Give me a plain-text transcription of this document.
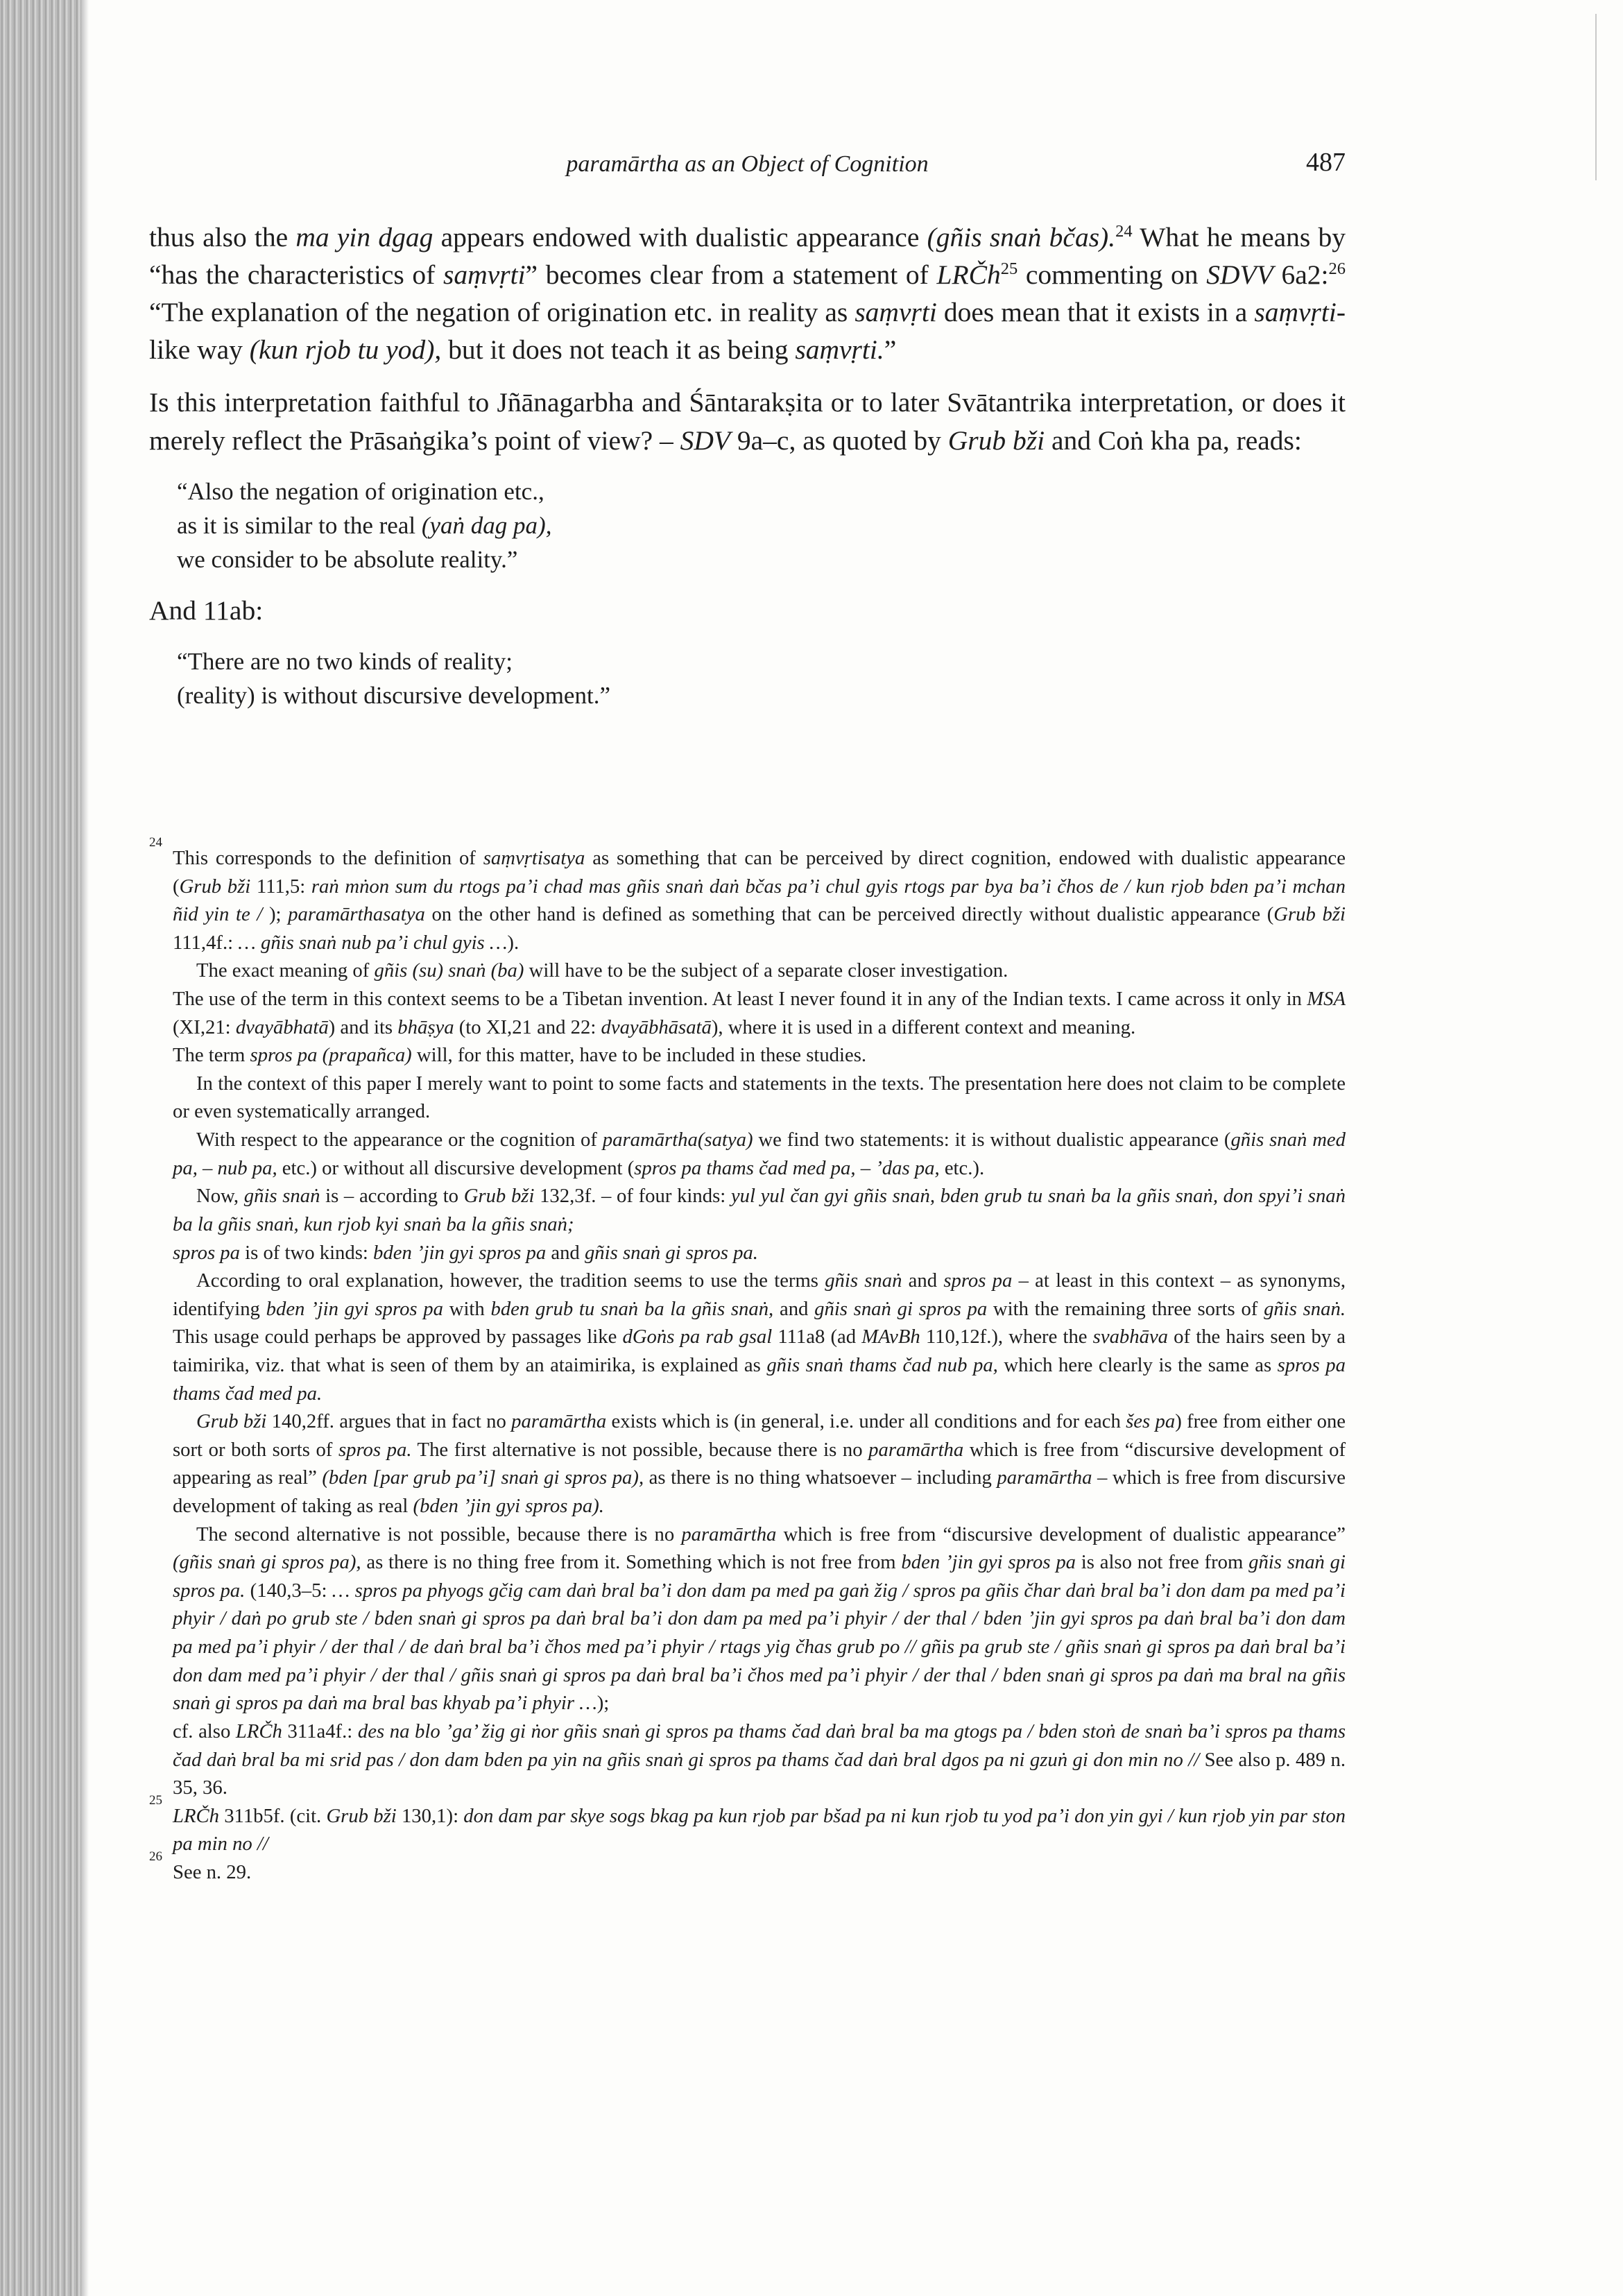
paramārtha as an Object of Cognition	487

thus also the ma yin dgag appears endowed with dualistic appearance (gñis snaṅ bčas).$^{24}$ What he means by “has the characteristics of saṃvṛti” becomes clear from a statement of LRČh$^{25}$ commenting on SDVV 6a2:$^{26}$ “The explanation of the negation of origination etc. in reality as saṃvṛti does mean that it exists in a saṃvṛti-like way (kun rjob tu yod), but it does not teach it as being saṃvṛti.”

Is this interpretation faithful to Jñānagarbha and Śāntarakṣita or to later Svātantrika interpretation, or does it merely reflect the Prāsaṅgika’s point of view? – SDV 9a–c, as quoted by Grub bži and Coṅ kha pa, reads:

“Also the negation of origination etc.,
as it is similar to the real (yaṅ dag pa),
we consider to be absolute reality.”

And 11ab:

“There are no two kinds of reality;
(reality) is without discursive development.”

24
This corresponds to the definition of saṃvṛtisatya as something that can be perceived by direct cognition, endowed with dualistic appearance (Grub bži 111,5: raṅ mṅon sum du rtogs pa’i chad mas gñis snaṅ daṅ bčas pa’i chul gyis rtogs par bya ba’i čhos de / kun rjob bden pa’i mchan ñid yin te / ); paramārthasatya on the other hand is defined as something that can be perceived directly without dualistic appearance (Grub bži 111,4f.: … gñis snaṅ nub pa’i chul gyis …).

The exact meaning of gñis (su) snaṅ (ba) will have to be the subject of a separate closer investigation.

The use of the term in this context seems to be a Tibetan invention. At least I never found it in any of the Indian texts. I came across it only in MSA (XI,21: dvayābhatā) and its bhāṣya (to XI,21 and 22: dvayābhāsatā), where it is used in a different context and meaning.

The term spros pa (prapañca) will, for this matter, have to be included in these studies.

In the context of this paper I merely want to point to some facts and statements in the texts. The presentation here does not claim to be complete or even systematically arranged.

With respect to the appearance or the cognition of paramārtha(satya) we find two statements: it is without dualistic appearance (gñis snaṅ med pa, – nub pa, etc.) or without all discursive development (spros pa thams čad med pa, – ’das pa, etc.).

Now, gñis snaṅ is – according to Grub bži 132,3f. – of four kinds: yul yul čan gyi gñis snaṅ, bden grub tu snaṅ ba la gñis snaṅ, don spyi’i snaṅ ba la gñis snaṅ, kun rjob kyi snaṅ ba la gñis snaṅ;

spros pa is of two kinds: bden ’jin gyi spros pa and gñis snaṅ gi spros pa.

According to oral explanation, however, the tradition seems to use the terms gñis snaṅ and spros pa – at least in this context – as synonyms, identifying bden ’jin gyi spros pa with bden grub tu snaṅ ba la gñis snaṅ, and gñis snaṅ gi spros pa with the remaining three sorts of gñis snaṅ. This usage could perhaps be approved by passages like dGoṅs pa rab gsal 111a8 (ad MAvBh 110,12f.), where the svabhāva of the hairs seen by a taimirika, viz. that what is seen of them by an ataimirika, is explained as gñis snaṅ thams čad nub pa, which here clearly is the same as spros pa thams čad med pa.

Grub bži 140,2ff. argues that in fact no paramārtha exists which is (in general, i.e. under all conditions and for each šes pa) free from either one sort or both sorts of spros pa. The first alternative is not possible, because there is no paramārtha which is free from “discursive development of appearing as real” (bden [par grub pa’i] snaṅ gi spros pa), as there is no thing whatsoever – including paramārtha – which is free from discursive development of taking as real (bden ’jin gyi spros pa).

The second alternative is not possible, because there is no paramārtha which is free from “discursive development of dualistic appearance” (gñis snaṅ gi spros pa), as there is no thing free from it. Something which is not free from bden ’jin gyi spros pa is also not free from gñis snaṅ gi spros pa. (140,3–5: … spros pa phyogs gčig cam daṅ bral ba’i don dam pa med pa gaṅ žig / spros pa gñis čhar daṅ bral ba’i don dam pa med pa’i phyir / daṅ po grub ste / bden snaṅ gi spros pa daṅ bral ba’i don dam pa med pa’i phyir / der thal / bden ’jin gyi spros pa daṅ bral ba’i don dam pa med pa’i phyir / der thal / de daṅ bral ba’i čhos med pa’i phyir / rtags yig čhas grub po // gñis pa grub ste / gñis snaṅ gi spros pa daṅ bral ba’i don dam med pa’i phyir / der thal / gñis snaṅ gi spros pa daṅ bral ba’i čhos med pa’i phyir / der thal / bden snaṅ gi spros pa daṅ ma bral na gñis snaṅ gi spros pa daṅ ma bral bas khyab pa’i phyir …);

cf. also LRČh 311a4f.: des na blo ’ga’ žig gi ṅor gñis snaṅ gi spros pa thams čad daṅ bral ba ma gtogs pa / bden stoṅ de snaṅ ba’i spros pa thams čad daṅ bral ba mi srid pas / don dam bden pa yin na gñis snaṅ gi spros pa thams čad daṅ bral dgos pa ni gzuṅ gi don min no // See also p. 489 n. 35, 36.

25
LRČh 311b5f. (cit. Grub bži 130,1): don dam par skye sogs bkag pa kun rjob par bšad pa ni kun rjob tu yod pa’i don yin gyi / kun rjob yin par ston pa min no //

26
See n. 29.
